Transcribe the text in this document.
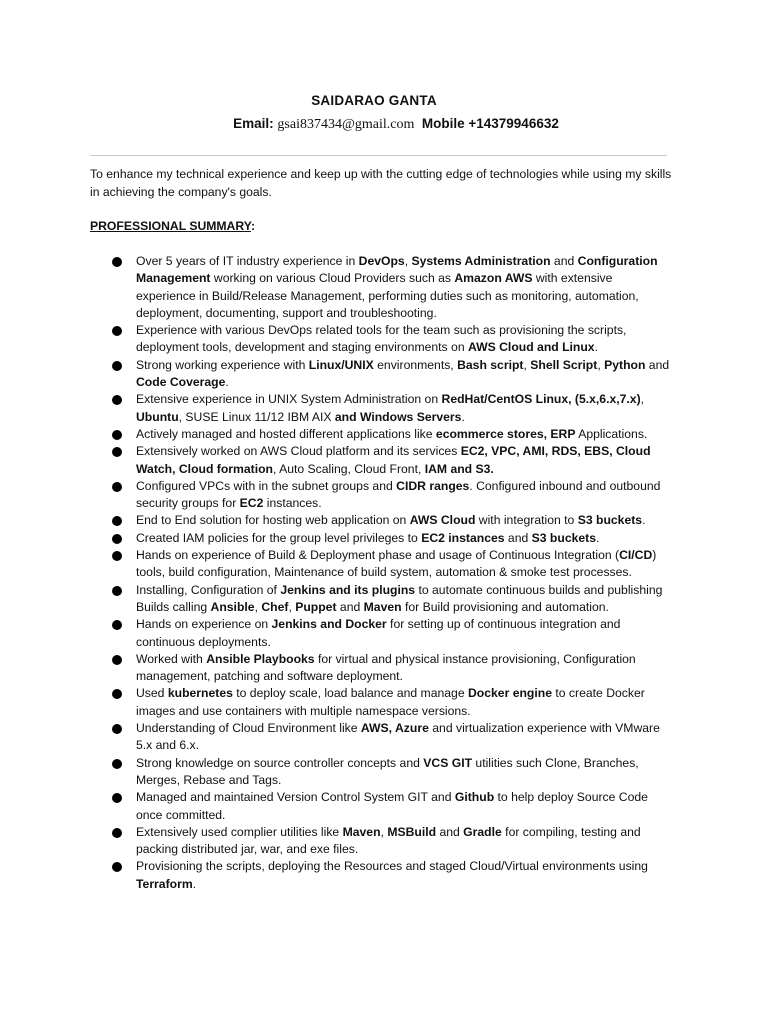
SAIDARAO GANTA
Email: gsai837434@gmail.com Mobile +14379946632
To enhance my technical experience and keep up with the cutting edge of technologies while using my skills in achieving the company's goals.
PROFESSIONAL SUMMARY:
Over 5 years of IT industry experience in DevOps, Systems Administration and Configuration Management working on various Cloud Providers such as Amazon AWS with extensive experience in Build/Release Management, performing duties such as monitoring, automation, deployment, documenting, support and troubleshooting.
Experience with various DevOps related tools for the team such as provisioning the scripts, deployment tools, development and staging environments on AWS Cloud and Linux.
Strong working experience with Linux/UNIX environments, Bash script, Shell Script, Python and Code Coverage.
Extensive experience in UNIX System Administration on RedHat/CentOS Linux, (5.x,6.x,7.x), Ubuntu, SUSE Linux 11/12 IBM AIX and Windows Servers.
Actively managed and hosted different applications like ecommerce stores, ERP Applications.
Extensively worked on AWS Cloud platform and its services EC2, VPC, AMI, RDS, EBS, Cloud Watch, Cloud formation, Auto Scaling, Cloud Front, IAM and S3.
Configured VPCs with in the subnet groups and CIDR ranges. Configured inbound and outbound security groups for EC2 instances.
End to End solution for hosting web application on AWS Cloud with integration to S3 buckets.
Created IAM policies for the group level privileges to EC2 instances and S3 buckets.
Hands on experience of Build & Deployment phase and usage of Continuous Integration (CI/CD) tools, build configuration, Maintenance of build system, automation & smoke test processes.
Installing, Configuration of Jenkins and its plugins to automate continuous builds and publishing Builds calling Ansible, Chef, Puppet and Maven for Build provisioning and automation.
Hands on experience on Jenkins and Docker for setting up of continuous integration and continuous deployments.
Worked with Ansible Playbooks for virtual and physical instance provisioning, Configuration management, patching and software deployment.
Used kubernetes to deploy scale, load balance and manage Docker engine to create Docker images and use containers with multiple namespace versions.
Understanding of Cloud Environment like AWS, Azure and virtualization experience with VMware 5.x and 6.x.
Strong knowledge on source controller concepts and VCS GIT utilities such Clone, Branches, Merges, Rebase and Tags.
Managed and maintained Version Control System GIT and Github to help deploy Source Code once committed.
Extensively used complier utilities like Maven, MSBuild and Gradle for compiling, testing and packing distributed jar, war, and exe files.
Provisioning the scripts, deploying the Resources and staged Cloud/Virtual environments using Terraform.
